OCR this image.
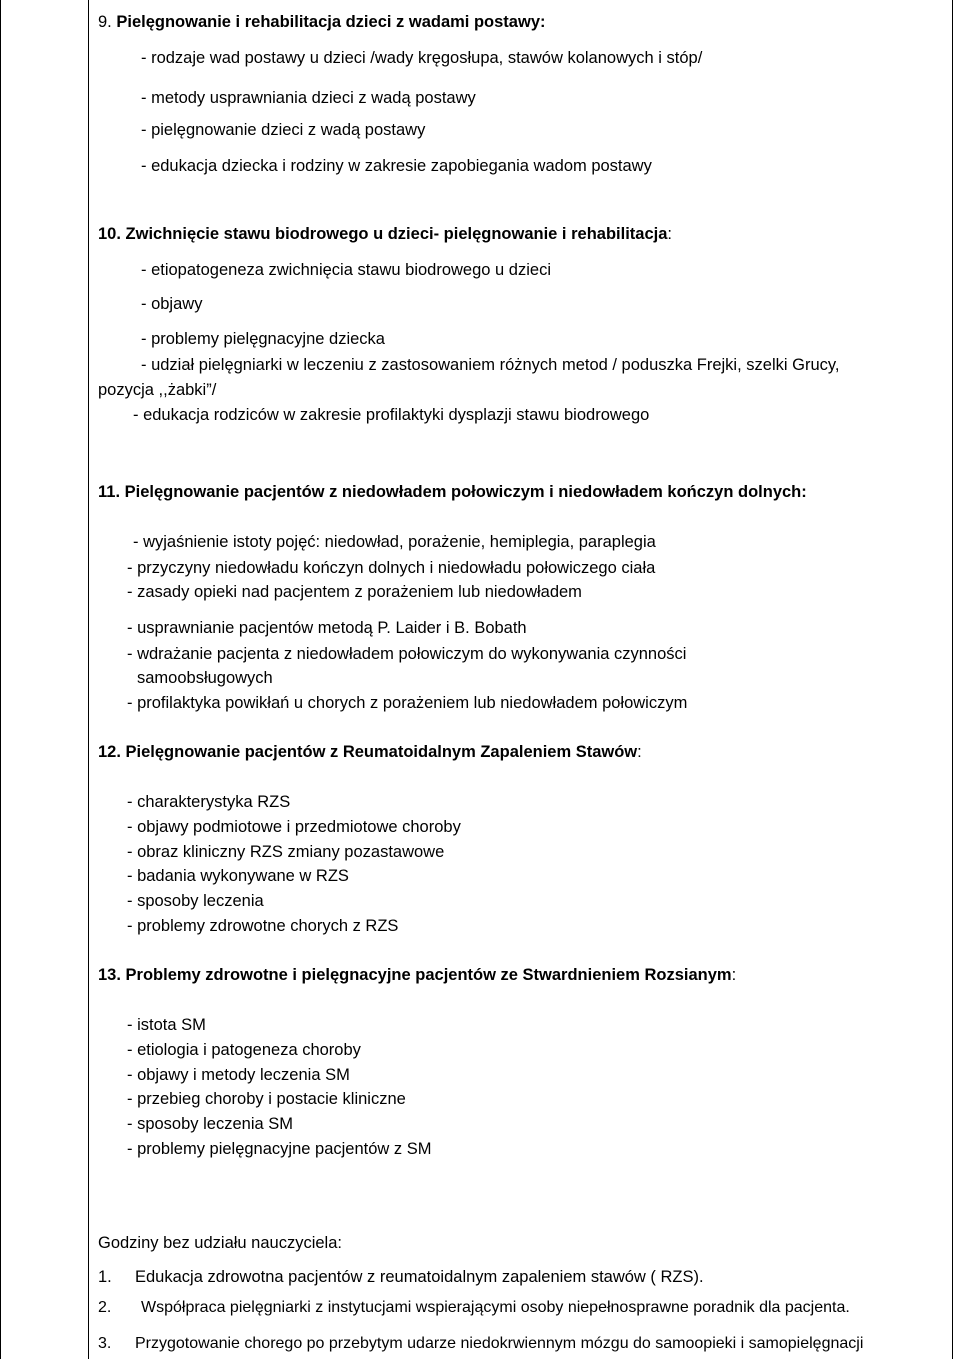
9. Pielęgnowanie i rehabilitacja dzieci z wadami postawy:
- rodzaje wad postawy u dzieci /wady kręgosłupa, stawów kolanowych i stóp/
- metody usprawniania dzieci z wadą postawy
- pielęgnowanie dzieci z wadą postawy
- edukacja dziecka i rodziny w zakresie zapobiegania wadom postawy
10. Zwichnięcie stawu biodrowego u dzieci- pielęgnowanie i rehabilitacja:
- etiopatogeneza zwichnięcia stawu biodrowego u dzieci
- objawy
- problemy pielęgnacyjne dziecka
- udział pielęgniarki w leczeniu z zastosowaniem różnych metod / poduszka Frejki, szelki Grucy,
pozycja ,,żabki”/
- edukacja rodziców w zakresie profilaktyki dysplazji stawu biodrowego
11. Pielęgnowanie pacjentów z niedowładem połowiczym i niedowładem kończyn dolnych:
- wyjaśnienie istoty pojęć: niedowład, porażenie, hemiplegia, paraplegia
- przyczyny niedowładu kończyn dolnych i niedowładu połowiczego ciała
- zasady opieki nad pacjentem z porażeniem lub niedowładem
- usprawnianie pacjentów metodą P. Laider i B. Bobath
- wdrażanie pacjenta z niedowładem połowiczym do wykonywania czynności
samoobsługowych
- profilaktyka powikłań u chorych z porażeniem lub niedowładem połowiczym
12. Pielęgnowanie pacjentów z Reumatoidalnym Zapaleniem Stawów:
- charakterystyka RZS
- objawy podmiotowe i przedmiotowe choroby
- obraz kliniczny RZS zmiany pozastawowe
- badania wykonywane w RZS
- sposoby leczenia
- problemy zdrowotne chorych z RZS
13. Problemy zdrowotne i pielęgnacyjne pacjentów ze Stwardnieniem Rozsianym:
- istota SM
- etiologia i patogeneza choroby
- objawy i metody leczenia SM
- przebieg choroby i postacie kliniczne
- sposoby leczenia SM
- problemy pielęgnacyjne pacjentów z SM
Godziny bez udziału nauczyciela:
1. Edukacja zdrowotna pacjentów z reumatoidalnym zapaleniem stawów ( RZS).
2. Współpraca pielęgniarki z instytucjami wspierającymi osoby niepełnosprawne poradnik dla pacjenta.
3. Przygotowanie chorego po przebytym udarze niedokrwiennym mózgu do samoopieki i samopielęgnacji
